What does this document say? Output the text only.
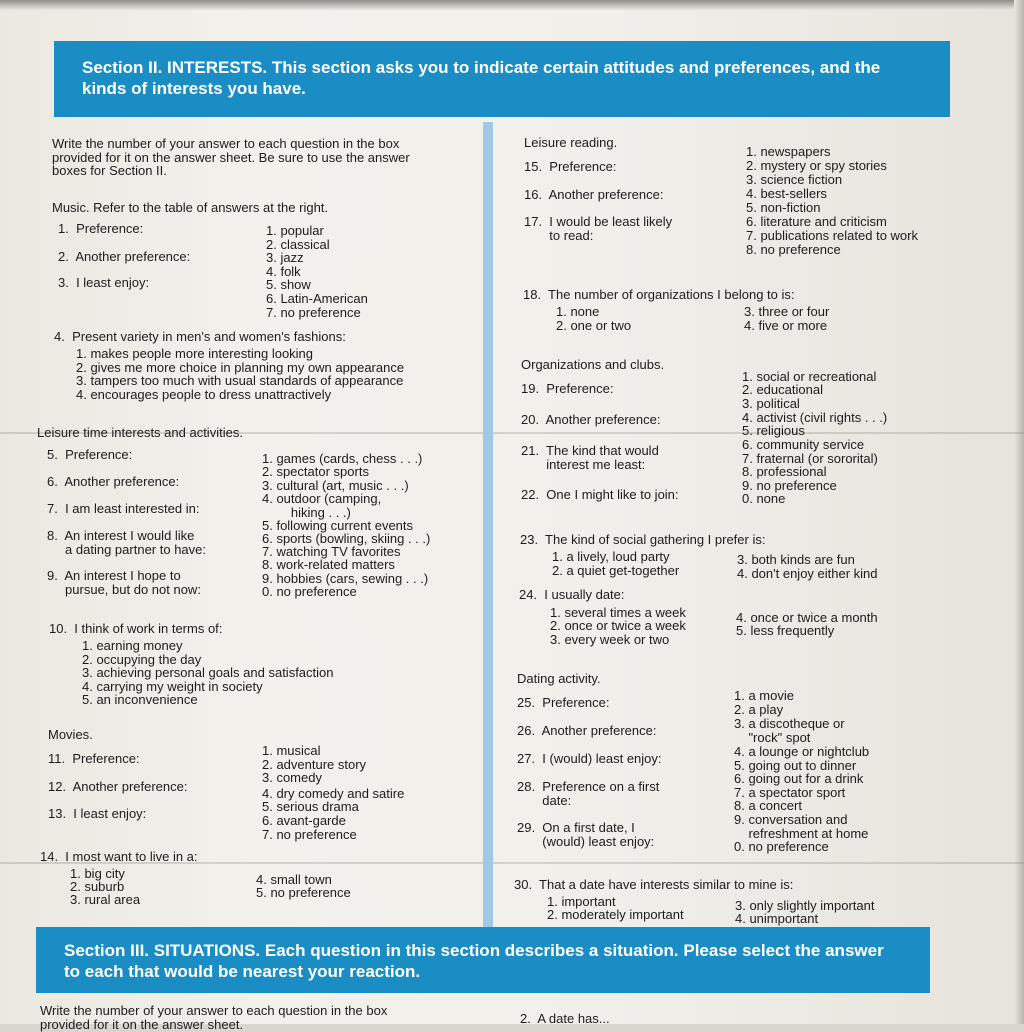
Section II. INTERESTS. This section asks you to indicate certain attitudes and preferences, and the kinds of interests you have.
Write the number of your answer to each question in the box
provided for it on the answer sheet. Be sure to use the answer
boxes for Section II.
Music. Refer to the table of answers at the right.
1.  Preference:
2.  Another preference:
3.  I least enjoy:
1. popular
2. classical
3. jazz
4. folk
5. show
6. Latin-American
7. no preference
4.  Present variety in men's and women's fashions:
1. makes people more interesting looking
2. gives me more choice in planning my own appearance
3. tampers too much with usual standards of appearance
4. encourages people to dress unattractively
Leisure time interests and activities.
5.  Preference:
6.  Another preference:
7.  I am least interested in:
8.  An interest I would like
a dating partner to have:
9.  An interest I hope to
pursue, but do not now:
1. games (cards, chess . . .)
2. spectator sports
3. cultural (art, music . . .)
4. outdoor (camping,
hiking . . .)
5. following current events
6. sports (bowling, skiing . . .)
7. watching TV favorites
8. work-related matters
9. hobbies (cars, sewing . . .)
0. no preference
10.  I think of work in terms of:
1. earning money
2. occupying the day
3. achieving personal goals and satisfaction
4. carrying my weight in society
5. an inconvenience
Movies.
11.  Preference:
12.  Another preference:
13.  I least enjoy:
1. musical
2. adventure story
3. comedy
4. dry comedy and satire
5. serious drama
6. avant-garde
7. no preference
14.  I most want to live in a:
1. big city
2. suburb
3. rural area
4. small town
5. no preference
Leisure reading.
15.  Preference:
16.  Another preference:
17.  I would be least likely
to read:
1. newspapers
2. mystery or spy stories
3. science fiction
4. best-sellers
5. non-fiction
6. literature and criticism
7. publications related to work
8. no preference
18.  The number of organizations I belong to is:
1. none
2. one or two
3. three or four
4. five or more
Organizations and clubs.
19.  Preference:
20.  Another preference:
21.  The kind that would
interest me least:
22.  One I might like to join:
1. social or recreational
2. educational
3. political
4. activist (civil rights . . .)
5. religious
6. community service
7. fraternal (or sororital)
8. professional
9. no preference
0. none
23.  The kind of social gathering I prefer is:
1. a lively, loud party
2. a quiet get-together
3. both kinds are fun
4. don't enjoy either kind
24.  I usually date:
1. several times a week
2. once or twice a week
3. every week or two
4. once or twice a month
5. less frequently
Dating activity.
25.  Preference:
26.  Another preference:
27.  I (would) least enjoy:
28.  Preference on a first
date:
29.  On a first date, I
(would) least enjoy:
1. a movie
2. a play
3. a discotheque or
"rock" spot
4. a lounge or nightclub
5. going out to dinner
6. going out for a drink
7. a spectator sport
8. a concert
9. conversation and
refreshment at home
0. no preference
30.  That a date have interests similar to mine is:
1. important
2. moderately important
3. only slightly important
4. unimportant
Section III. SITUATIONS. Each question in this section describes a situation. Please select the answer to each that would be nearest your reaction.
Write the number of your answer to each question in the box
provided for it on the answer sheet.	2.  A date has...
